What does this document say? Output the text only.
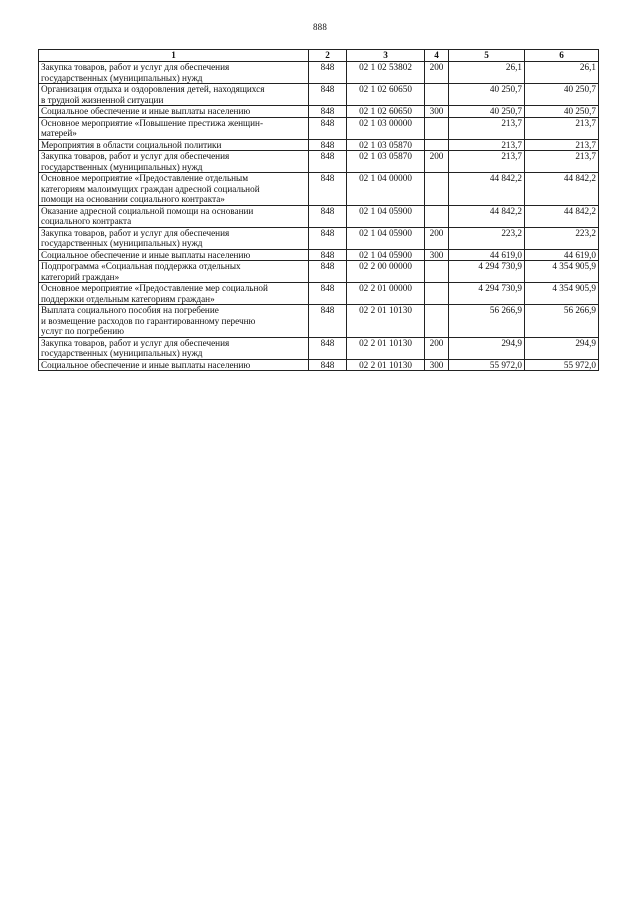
888
1	2	3	4	5	6
Закупка товаров, работ и услуг для обеспечения
государственных (муниципальных) нужд	848	02 1 02 53802	200	26,1	26,1
Организация отдыха и оздоровления детей, находящихся
в трудной жизненной ситуации	848	02 1 02 60650		40 250,7	40 250,7
Социальное обеспечение и иные выплаты населению	848	02 1 02 60650	300	40 250,7	40 250,7
Основное мероприятие «Повышение престижа женщин-
матерей»	848	02 1 03 00000		213,7	213,7
Мероприятия в области социальной политики	848	02 1 03 05870		213,7	213,7
Закупка товаров, работ и услуг для обеспечения
государственных (муниципальных) нужд	848	02 1 03 05870	200	213,7	213,7
Основное мероприятие «Предоставление отдельным
категориям малоимущих граждан адресной социальной
помощи на основании социального контракта»	848	02 1 04 00000		44 842,2	44 842,2
Оказание адресной социальной помощи на основании
социального контракта	848	02 1 04 05900		44 842,2	44 842,2
Закупка товаров, работ и услуг для обеспечения
государственных (муниципальных) нужд	848	02 1 04 05900	200	223,2	223,2
Социальное обеспечение и иные выплаты населению	848	02 1 04 05900	300	44 619,0	44 619,0
Подпрограмма «Социальная поддержка отдельных
категорий граждан»	848	02 2 00 00000		4 294 730,9	4 354 905,9
Основное мероприятие «Предоставление мер социальной
поддержки отдельным категориям граждан»	848	02 2 01 00000		4 294 730,9	4 354 905,9
Выплата социального пособия на погребение
и возмещение расходов по гарантированному перечню
услуг по погребению	848	02 2 01 10130		56 266,9	56 266,9
Закупка товаров, работ и услуг для обеспечения
государственных (муниципальных) нужд	848	02 2 01 10130	200	294,9	294,9
Социальное обеспечение и иные выплаты населению	848	02 2 01 10130	300	55 972,0	55 972,0
